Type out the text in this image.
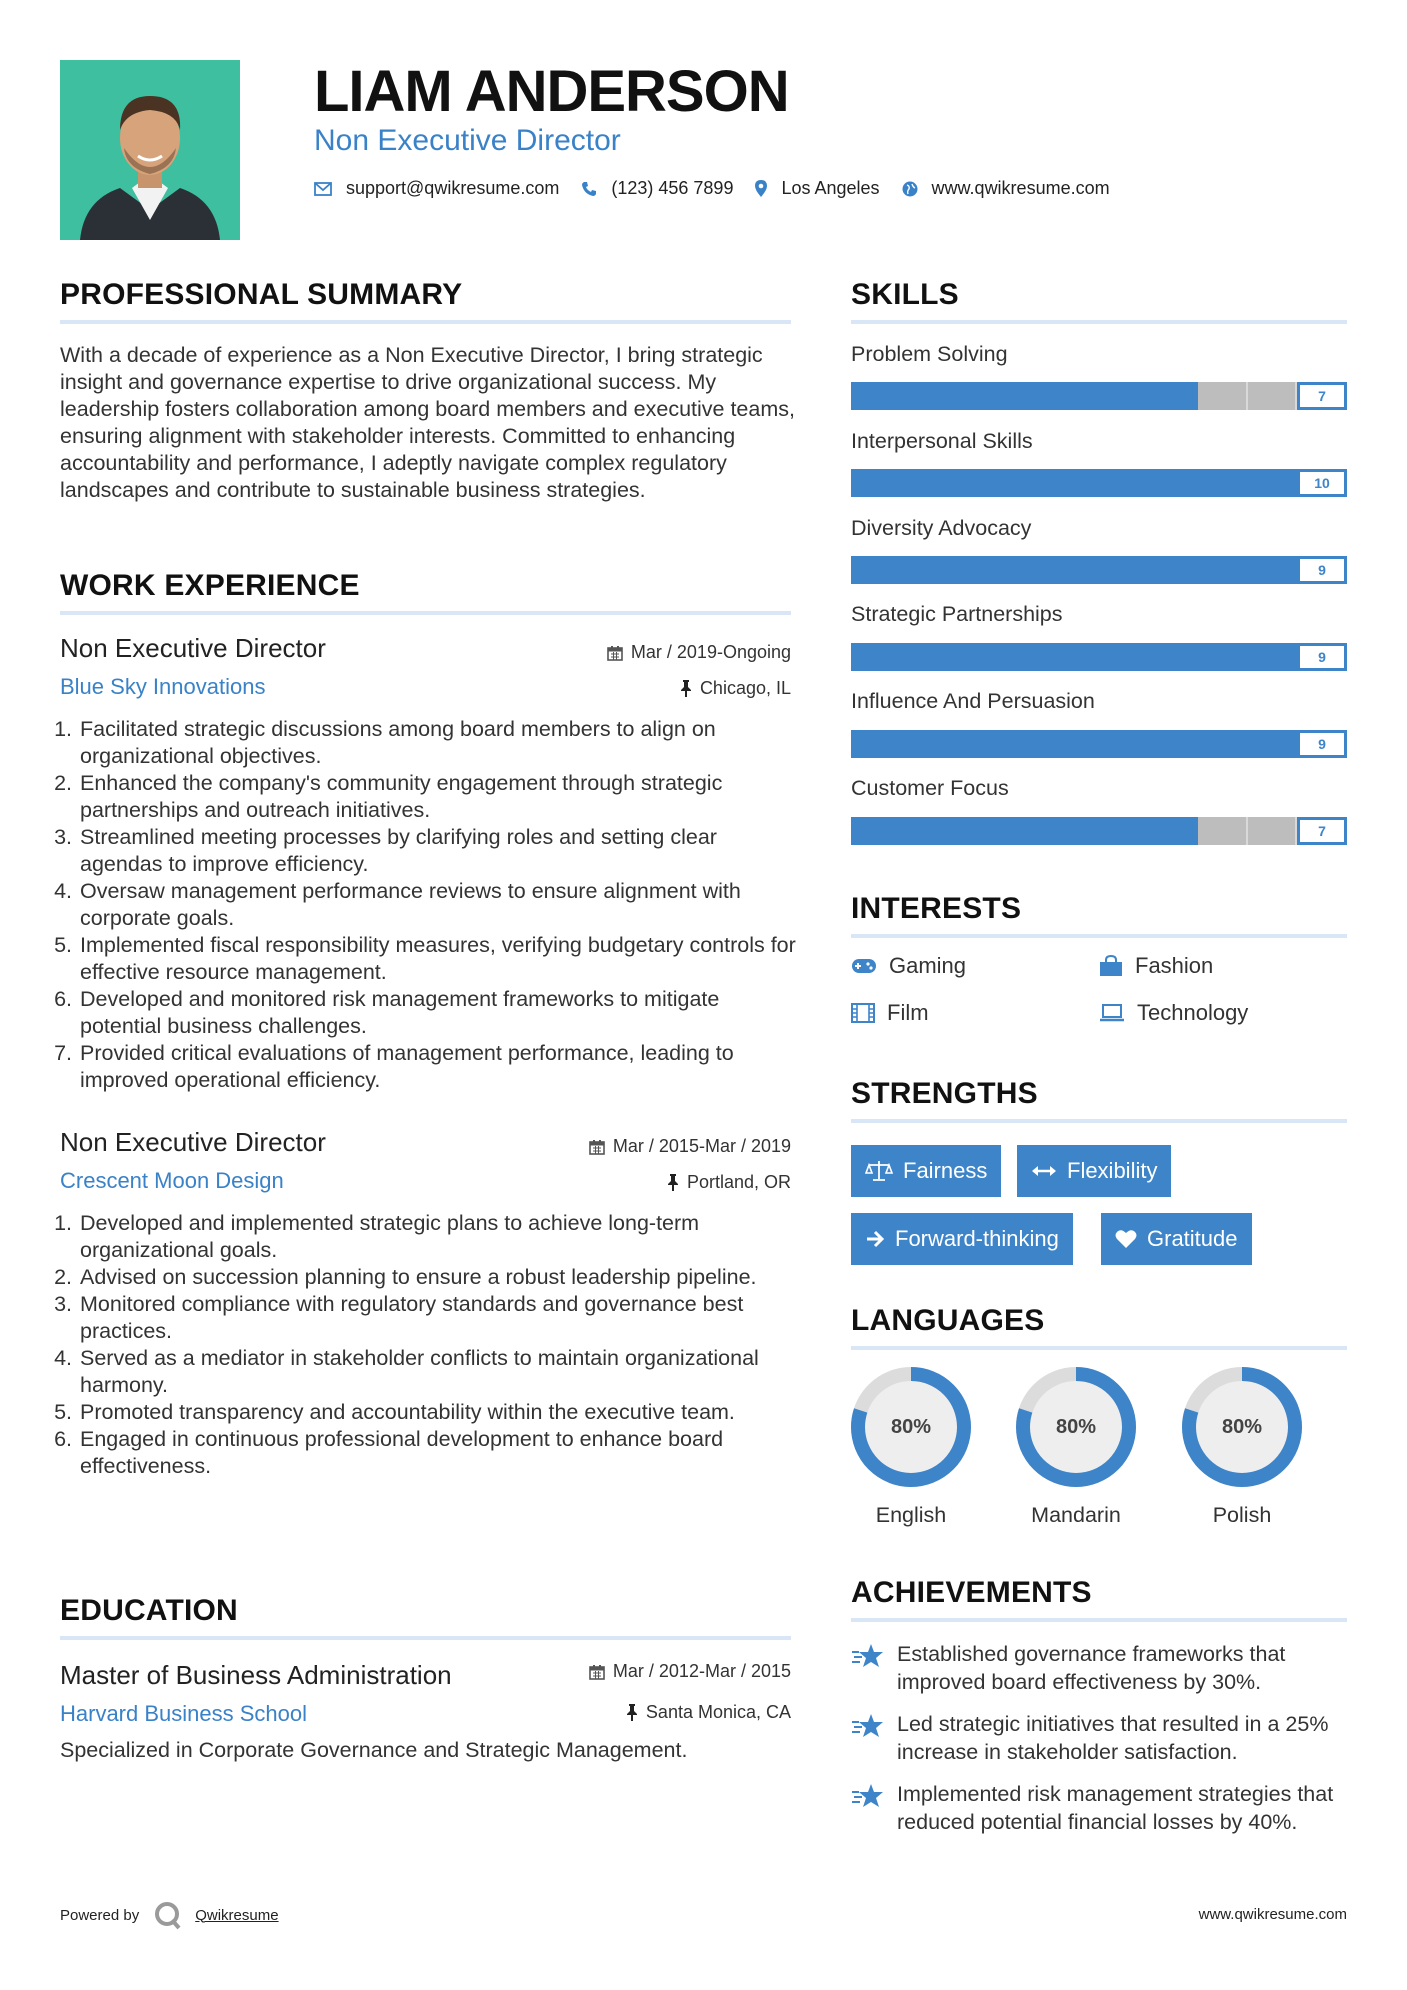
LIAM ANDERSON
Non Executive Director
support@qwikresume.com	(123) 456 7899	Los Angeles	www.qwikresume.com
PROFESSIONAL SUMMARY
With a decade of experience as a Non Executive Director, I bring strategic insight and governance expertise to drive organizational success. My leadership fosters collaboration among board members and executive teams, ensuring alignment with stakeholder interests. Committed to enhancing accountability and performance, I adeptly navigate complex regulatory landscapes and contribute to sustainable business strategies.
WORK EXPERIENCE
Non Executive Director
Blue Sky Innovations
Mar / 2019-Ongoing
Chicago, IL
1. Facilitated strategic discussions among board members to align on organizational objectives.
2. Enhanced the company's community engagement through strategic partnerships and outreach initiatives.
3. Streamlined meeting processes by clarifying roles and setting clear agendas to improve efficiency.
4. Oversaw management performance reviews to ensure alignment with corporate goals.
5. Implemented fiscal responsibility measures, verifying budgetary controls for effective resource management.
6. Developed and monitored risk management frameworks to mitigate potential business challenges.
7. Provided critical evaluations of management performance, leading to improved operational efficiency.
Non Executive Director
Crescent Moon Design
Mar / 2015-Mar / 2019
Portland, OR
1. Developed and implemented strategic plans to achieve long-term organizational goals.
2. Advised on succession planning to ensure a robust leadership pipeline.
3. Monitored compliance with regulatory standards and governance best practices.
4. Served as a mediator in stakeholder conflicts to maintain organizational harmony.
5. Promoted transparency and accountability within the executive team.
6. Engaged in continuous professional development to enhance board effectiveness.
EDUCATION
Master of Business Administration
Harvard Business School
Mar / 2012-Mar / 2015
Santa Monica, CA
Specialized in Corporate Governance and Strategic Management.
SKILLS
Problem Solving
7
Interpersonal Skills
10
Diversity Advocacy
9
Strategic Partnerships
9
Influence And Persuasion
9
Customer Focus
7
INTERESTS
Gaming	Fashion
Film	Technology
STRENGTHS
Fairness	Flexibility
Forward-thinking	Gratitude
LANGUAGES
80%
English
80%
Mandarin
80%
Polish
ACHIEVEMENTS
Established governance frameworks that improved board effectiveness by 30%.
Led strategic initiatives that resulted in a 25% increase in stakeholder satisfaction.
Implemented risk management strategies that reduced potential financial losses by 40%.
Powered by	Qwikresume	www.qwikresume.com
